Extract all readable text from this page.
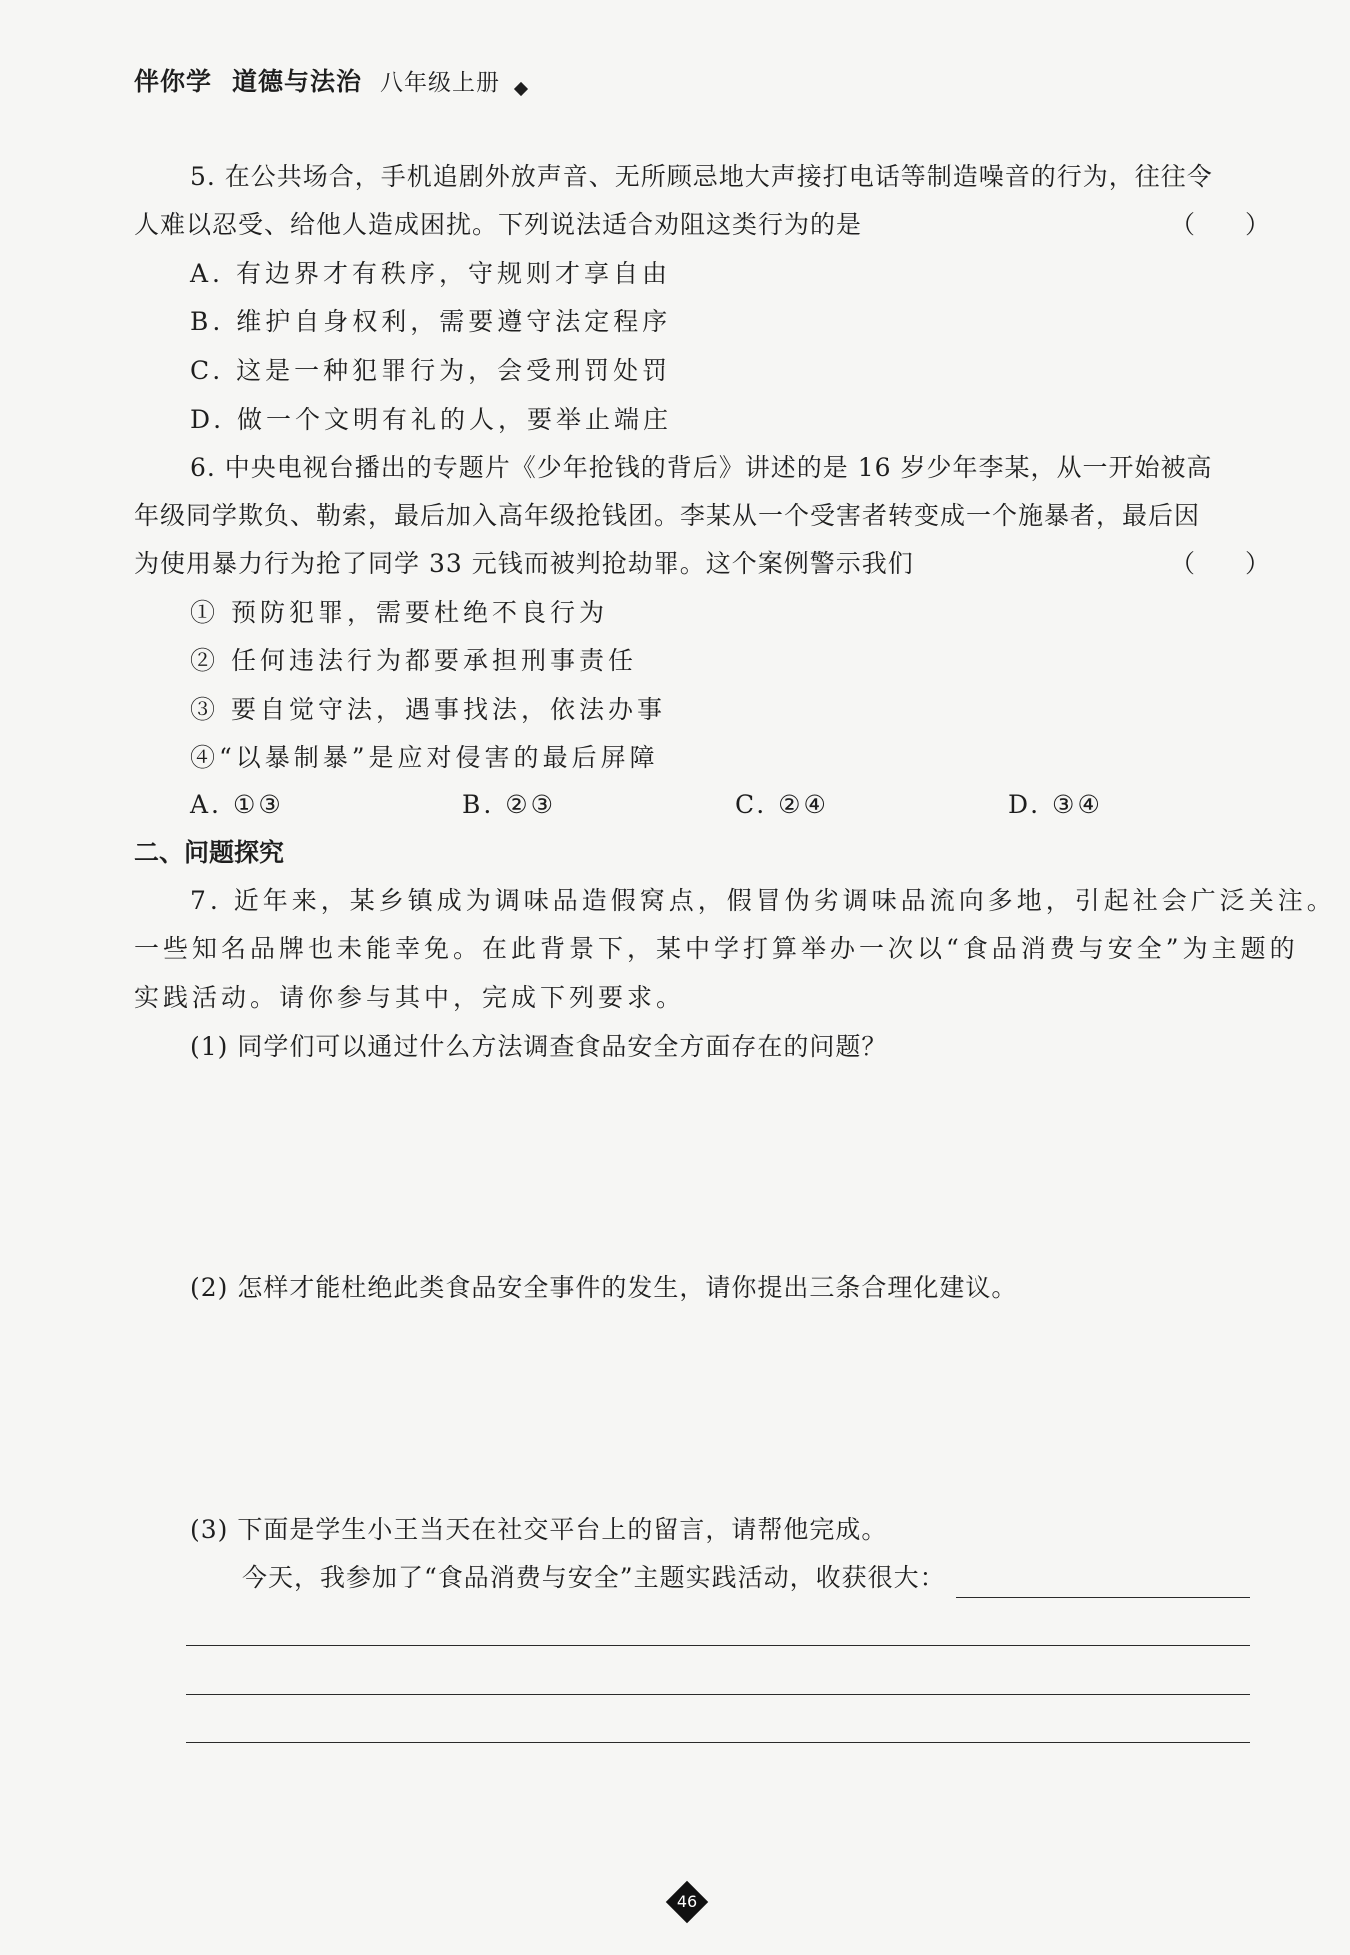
伴你学 道德与法治 八年级上册
5. 在公共场合，手机追剧外放声音、无所顾忌地大声接打电话等制造噪音的行为，往往令
人难以忍受、给他人造成困扰。下列说法适合劝阻这类行为的是	（　　）
A. 有边界才有秩序，守规则才享自由
B. 维护自身权利，需要遵守法定程序
C. 这是一种犯罪行为，会受刑罚处罚
D. 做一个文明有礼的人，要举止端庄
6. 中央电视台播出的专题片《少年抢钱的背后》讲述的是 16 岁少年李某，从一开始被高
年级同学欺负、勒索，最后加入高年级抢钱团。李某从一个受害者转变成一个施暴者，最后因
为使用暴力行为抢了同学 33 元钱而被判抢劫罪。这个案例警示我们	（　　）
① 预防犯罪，需要杜绝不良行为
② 任何违法行为都要承担刑事责任
③ 要自觉守法，遇事找法，依法办事
④“以暴制暴”是应对侵害的最后屏障
A. ①③	B. ②③	C. ②④	D. ③④
二、问题探究
7. 近年来，某乡镇成为调味品造假窝点，假冒伪劣调味品流向多地，引起社会广泛关注。
一些知名品牌也未能幸免。在此背景下，某中学打算举办一次以“食品消费与安全”为主题的
实践活动。请你参与其中，完成下列要求。
(1) 同学们可以通过什么方法调查食品安全方面存在的问题？
(2) 怎样才能杜绝此类食品安全事件的发生，请你提出三条合理化建议。
(3) 下面是学生小王当天在社交平台上的留言，请帮他完成。
今天，我参加了“食品消费与安全”主题实践活动，收获很大：
46
